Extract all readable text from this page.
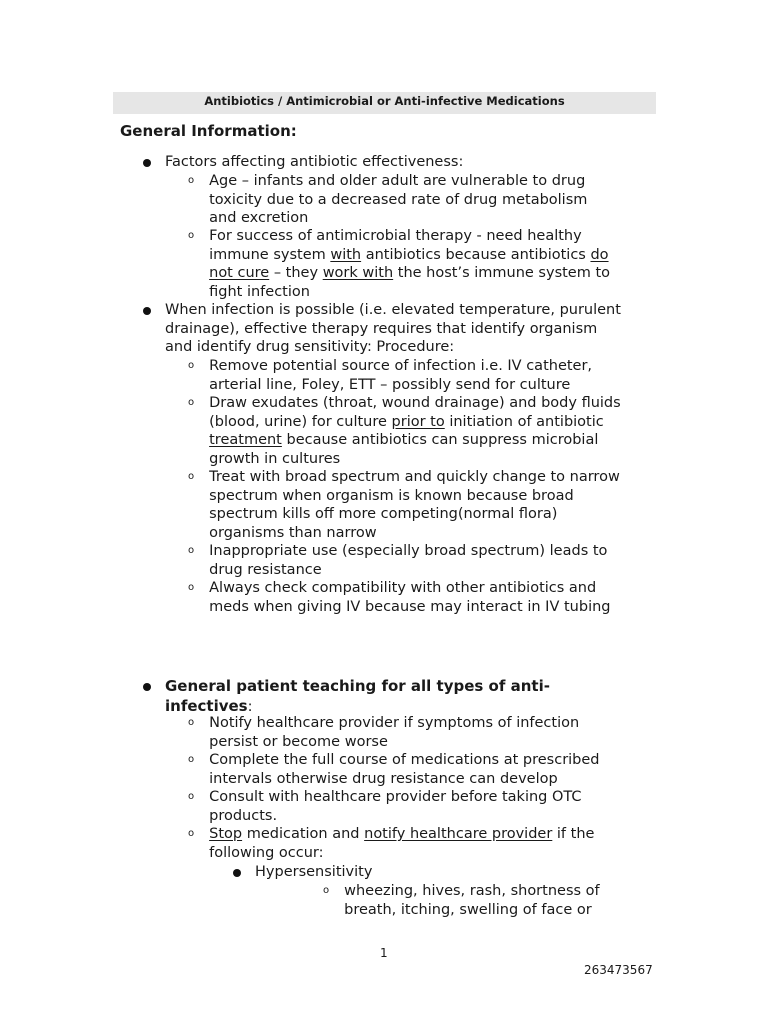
Antibiotics / Antimicrobial or Anti-infective Medications
General Information:
Factors affecting antibiotic effectiveness:
o Age – infants and older adult are vulnerable to drug toxicity due to a decreased rate of drug metabolism and excretion
o For success of antimicrobial therapy - need healthy immune system with antibiotics because antibiotics do not cure – they work with the host’s immune system to fight infection
When infection is possible (i.e. elevated temperature, purulent drainage), effective therapy requires that identify organism and identify drug sensitivity: Procedure:
o Remove potential source of infection i.e. IV catheter, arterial line, Foley, ETT – possibly send for culture
o Draw exudates (throat, wound drainage) and body fluids (blood, urine) for culture prior to initiation of antibiotic treatment because antibiotics can suppress microbial growth in cultures
o Treat with broad spectrum and quickly change to narrow spectrum when organism is known because broad spectrum kills off more competing(normal flora) organisms than narrow
o Inappropriate use (especially broad spectrum) leads to drug resistance
o Always check compatibility with other antibiotics and meds when giving IV because may interact in IV tubing
General patient teaching for all types of anti-infectives:
o Notify healthcare provider if symptoms of infection persist or become worse
o Complete the full course of medications at prescribed intervals otherwise drug resistance can develop
o Consult with healthcare provider before taking OTC products.
o Stop medication and notify healthcare provider if the following occur:
Hypersensitivity
o wheezing, hives, rash, shortness of breath, itching, swelling of face or
1
263473567
